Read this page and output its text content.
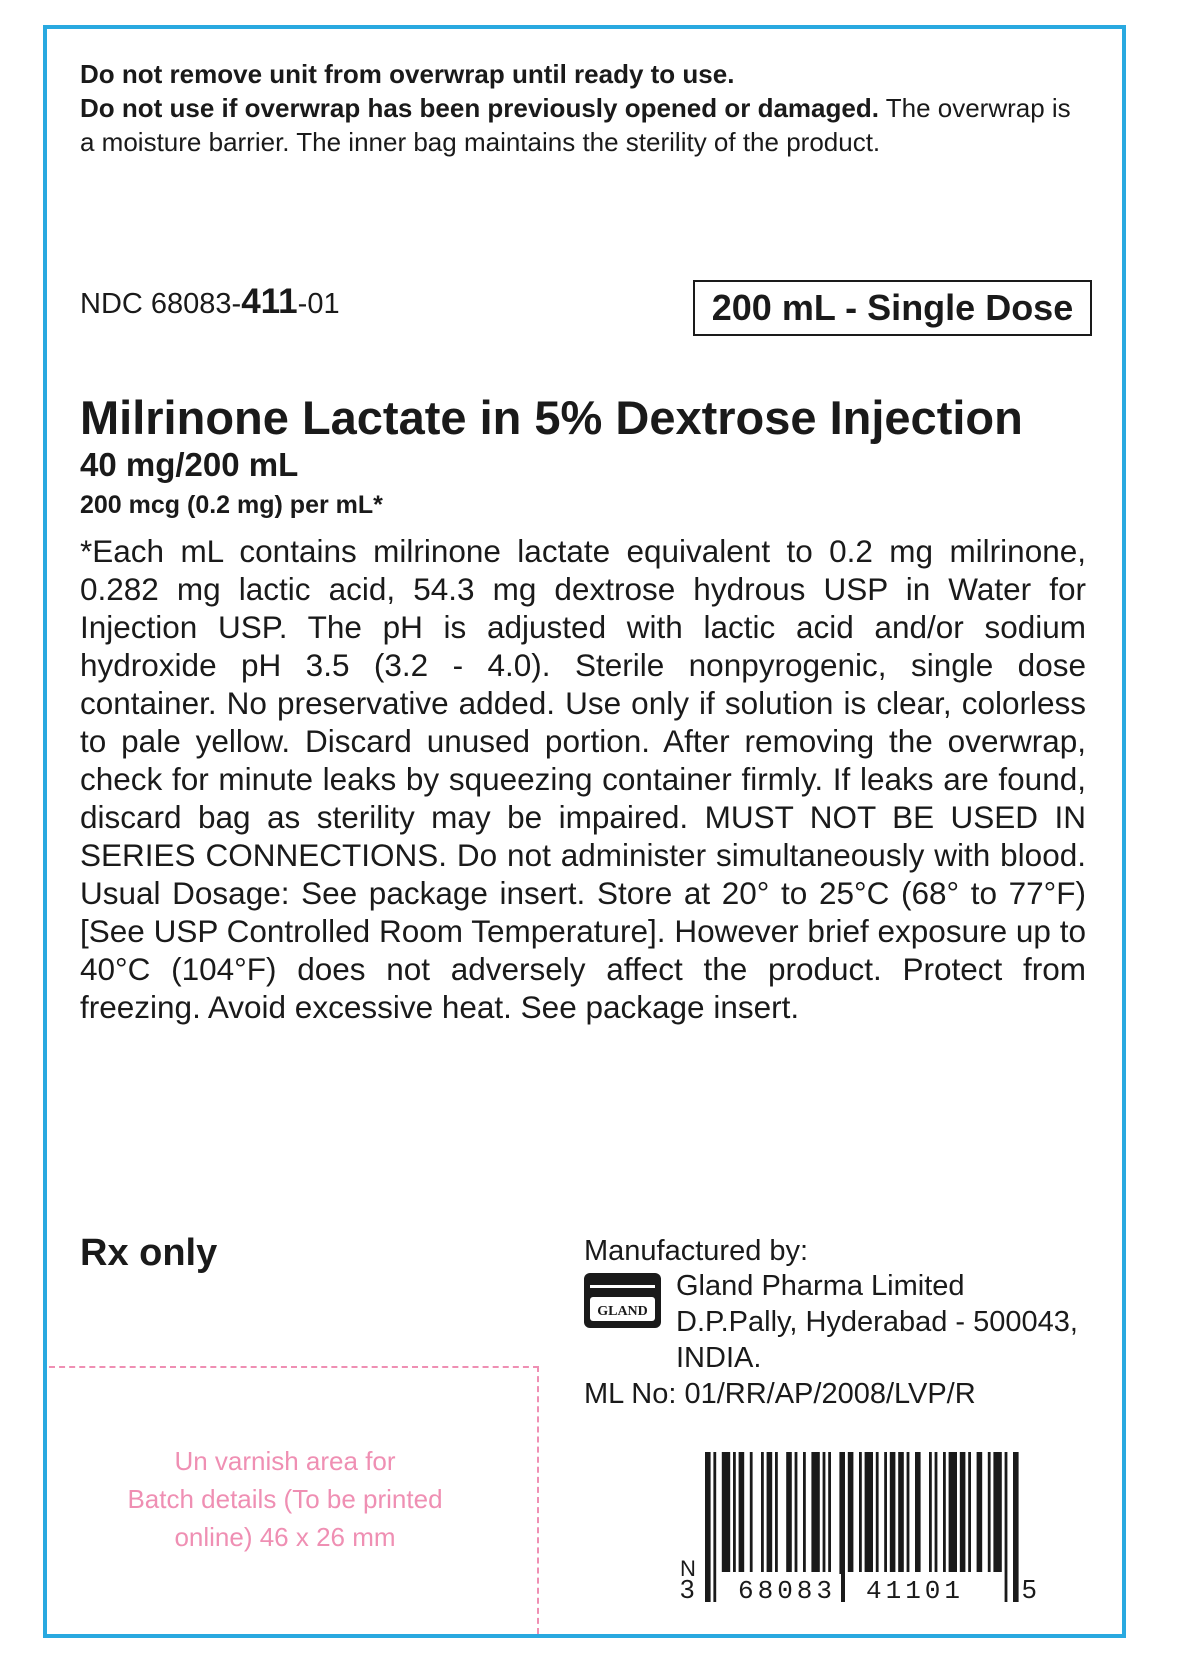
Do not remove unit from overwrap until ready to use.
Do not use if overwrap has been previously opened or damaged. The overwrap is a moisture barrier. The inner bag maintains the sterility of the product.
NDC 68083-411-01	200 mL - Single Dose
Milrinone Lactate in 5% Dextrose Injection
40 mg/200 mL
200 mcg (0.2 mg) per mL*
*Each mL contains milrinone lactate equivalent to 0.2 mg milrinone, 0.282 mg lactic acid, 54.3 mg dextrose hydrous USP in Water for Injection USP. The pH is adjusted with lactic acid and/or sodium hydroxide pH 3.5 (3.2 - 4.0). Sterile nonpyrogenic, single dose container. No preservative added. Use only if solution is clear, colorless to pale yellow. Discard unused portion. After removing the overwrap, check for minute leaks by squeezing container firmly. If leaks are found, discard bag as sterility may be impaired. MUST NOT BE USED IN SERIES CONNECTIONS. Do not administer simultaneously with blood. Usual Dosage: See package insert. Store at 20° to 25°C (68° to 77°F) [See USP Controlled Room Temperature]. However brief exposure up to 40°C (104°F) does not adversely affect the product. Protect from freezing. Avoid excessive heat. See package insert.
Rx only	Manufactured by:
GLAND
Gland Pharma Limited
D.P.Pally, Hyderabad - 500043,
INDIA.
ML No: 01/RR/AP/2008/LVP/R
Un varnish area for
Batch details (To be printed
online) 46 x 26 mm
N
3 68083 41101 5
